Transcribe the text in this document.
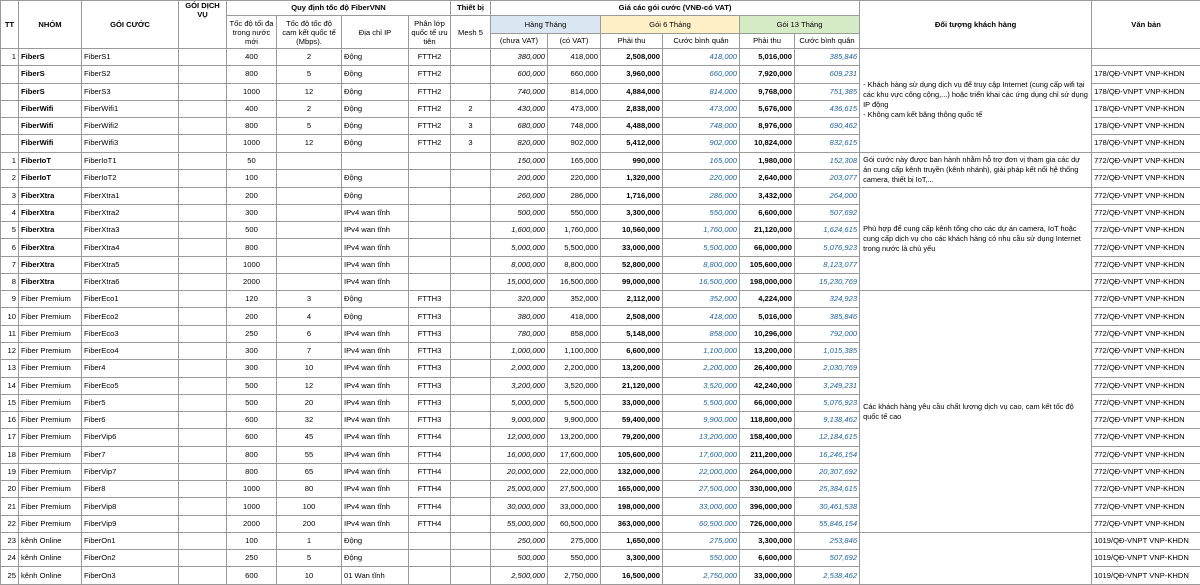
TT	NHÓM	GÓI CƯỚC	GÓI DỊCH VỤ	Quy định tốc độ FiberVNN				Thiết bị	Giá các gói cước (VNĐ-có VAT)						Đối tượng khách hàng	Văn bản
				Tốc độ tối đa trong nước mới	Tốc độ tốc độ cam kết quốc tế (Mbps).	Địa chỉ IP	Phân lớp quốc tế ưu tiên	Mesh 5	Hàng Tháng		Gói 6 Tháng		Gói 13 Tháng			
									(chưa VAT)	(có VAT)	Phải thu	Cước bình quân	Phải thu	Cước bình quân		
1	FiberS	FiberS1		400	2	Động	FTTH2		380,000	418,000	2,508,000	418,000	5,016,000	385,846	- Khách hàng sử dụng dịch vụ để truy cập Internet (cung cấp wifi tại các khu vực công cộng,...) hoặc triển khai các ứng dụng chỉ sử dụng IP động
- Không cam kết băng thông quốc tế	
	FiberS	FiberS2		800	5	Động	FTTH2		600,000	660,000	3,960,000	660,000	7,920,000	609,231		178/QĐ-VNPT VNP-KHDN
	FiberS	FiberS3		1000	12	Động	FTTH2		740,000	814,000	4,884,000	814,000	9,768,000	751,385		178/QĐ-VNPT VNP-KHDN
	FiberWifi	FiberWifi1		400	2	Động	FTTH2	2	430,000	473,000	2,838,000	473,000	5,676,000	436,615		178/QĐ-VNPT VNP-KHDN
	FiberWifi	FiberWifi2		800	5	Động	FTTH2	3	680,000	748,000	4,488,000	748,000	8,976,000	690,462		178/QĐ-VNPT VNP-KHDN
	FiberWifi	FiberWifi3		1000	12	Động	FTTH2	3	820,000	902,000	5,412,000	902,000	10,824,000	832,615		178/QĐ-VNPT VNP-KHDN
1	FiberIoT	FiberIoT1		50					150,000	165,000	990,000	165,000	1,980,000	152,308	Gói cước này được ban hành nhằm hỗ trợ đơn vị tham gia các dự án cung cấp kênh truyền (kênh nhánh), giải pháp kết nối hệ thống camera, thiết bị IoT,...	772/QĐ-VNPT VNP-KHDN
2	FiberIoT	FiberIoT2		100		Động			200,000	220,000	1,320,000	220,000	2,640,000	203,077		772/QĐ-VNPT VNP-KHDN
3	FiberXtra	FiberXtra1		200		Động			260,000	286,000	1,716,000	286,000	3,432,000	264,000	Phù hợp để cung cấp kênh tổng cho các dự án camera, IoT hoặc cung cấp dịch vụ cho các khách hàng có nhu cầu sử dụng Internet trong nước là chủ yếu	772/QĐ-VNPT VNP-KHDN
4	FiberXtra	FiberXtra2		300		IPv4 wan tĩnh			500,000	550,000	3,300,000	550,000	6,600,000	507,692		772/QĐ-VNPT VNP-KHDN
5	FiberXtra	FiberXtra3		500		IPv4 wan tĩnh			1,600,000	1,760,000	10,560,000	1,760,000	21,120,000	1,624,615		772/QĐ-VNPT VNP-KHDN
6	FiberXtra	FiberXtra4		800		IPv4 wan tĩnh			5,000,000	5,500,000	33,000,000	5,500,000	66,000,000	5,076,923		772/QĐ-VNPT VNP-KHDN
7	FiberXtra	FiberXtra5		1000		IPv4 wan tĩnh			8,000,000	8,800,000	52,800,000	8,800,000	105,600,000	8,123,077		772/QĐ-VNPT VNP-KHDN
8	FiberXtra	FiberXtra6		2000		IPv4 wan tĩnh			15,000,000	16,500,000	99,000,000	16,500,000	198,000,000	15,230,769		772/QĐ-VNPT VNP-KHDN
9	Fiber Premium	FiberEco1		120	3	Động	FTTH3		320,000	352,000	2,112,000	352,000	4,224,000	324,923	Các khách hàng yêu cầu chất lượng dịch vụ cao, cam kết tốc độ quốc tế cao	772/QĐ-VNPT VNP-KHDN
10	Fiber Premium	FiberEco2		200	4	Động	FTTH3		380,000	418,000	2,508,000	418,000	5,016,000	385,846		772/QĐ-VNPT VNP-KHDN
11	Fiber Premium	FiberEco3		250	6	IPv4 wan tĩnh	FTTH3		780,000	858,000	5,148,000	858,000	10,296,000	792,000		772/QĐ-VNPT VNP-KHDN
12	Fiber Premium	FiberEco4		300	7	IPv4 wan tĩnh	FTTH3		1,000,000	1,100,000	6,600,000	1,100,000	13,200,000	1,015,385		772/QĐ-VNPT VNP-KHDN
13	Fiber Premium	Fiber4		300	10	IPv4 wan tĩnh	FTTH3		2,000,000	2,200,000	13,200,000	2,200,000	26,400,000	2,030,769		772/QĐ-VNPT VNP-KHDN
14	Fiber Premium	FiberEco5		500	12	IPv4 wan tĩnh	FTTH3		3,200,000	3,520,000	21,120,000	3,520,000	42,240,000	3,249,231		772/QĐ-VNPT VNP-KHDN
15	Fiber Premium	Fiber5		500	20	IPv4 wan tĩnh	FTTH3		5,000,000	5,500,000	33,000,000	5,500,000	66,000,000	5,076,923		772/QĐ-VNPT VNP-KHDN
16	Fiber Premium	Fiber6		600	32	IPv4 wan tĩnh	FTTH3		9,000,000	9,900,000	59,400,000	9,900,000	118,800,000	9,138,462		772/QĐ-VNPT VNP-KHDN
17	Fiber Premium	FiberVip6		600	45	IPv4 wan tĩnh	FTTH4		12,000,000	13,200,000	79,200,000	13,200,000	158,400,000	12,184,615		772/QĐ-VNPT VNP-KHDN
18	Fiber Premium	Fiber7		800	55	IPv4 wan tĩnh	FTTH4		16,000,000	17,600,000	105,600,000	17,600,000	211,200,000	16,246,154		772/QĐ-VNPT VNP-KHDN
19	Fiber Premium	FiberVip7		800	65	IPv4 wan tĩnh	FTTH4		20,000,000	22,000,000	132,000,000	22,000,000	264,000,000	20,307,692		772/QĐ-VNPT VNP-KHDN
20	Fiber Premium	Fiber8		1000	80	IPv4 wan tĩnh	FTTH4		25,000,000	27,500,000	165,000,000	27,500,000	330,000,000	25,384,615		772/QĐ-VNPT VNP-KHDN
21	Fiber Premium	FiberVip8		1000	100	IPv4 wan tĩnh	FTTH4		30,000,000	33,000,000	198,000,000	33,000,000	396,000,000	30,461,538		772/QĐ-VNPT VNP-KHDN
22	Fiber Premium	FiberVip9		2000	200	IPv4 wan tĩnh	FTTH4		55,000,000	60,500,000	363,000,000	60,500,000	726,000,000	55,846,154		772/QĐ-VNPT VNP-KHDN
23	kênh Online	FiberOn1		100	1	Động			250,000	275,000	1,650,000	275,000	3,300,000	253,846		1019/QĐ-VNPT VNP-KHDN
24	kênh Online	FiberOn2		250	5	Động			500,000	550,000	3,300,000	550,000	6,600,000	507,692		1019/QĐ-VNPT VNP-KHDN
25	kênh Online	FiberOn3		600	10	01 Wan tĩnh			2,500,000	2,750,000	16,500,000	2,750,000	33,000,000	2,538,462		1019/QĐ-VNPT VNP-KHDN
